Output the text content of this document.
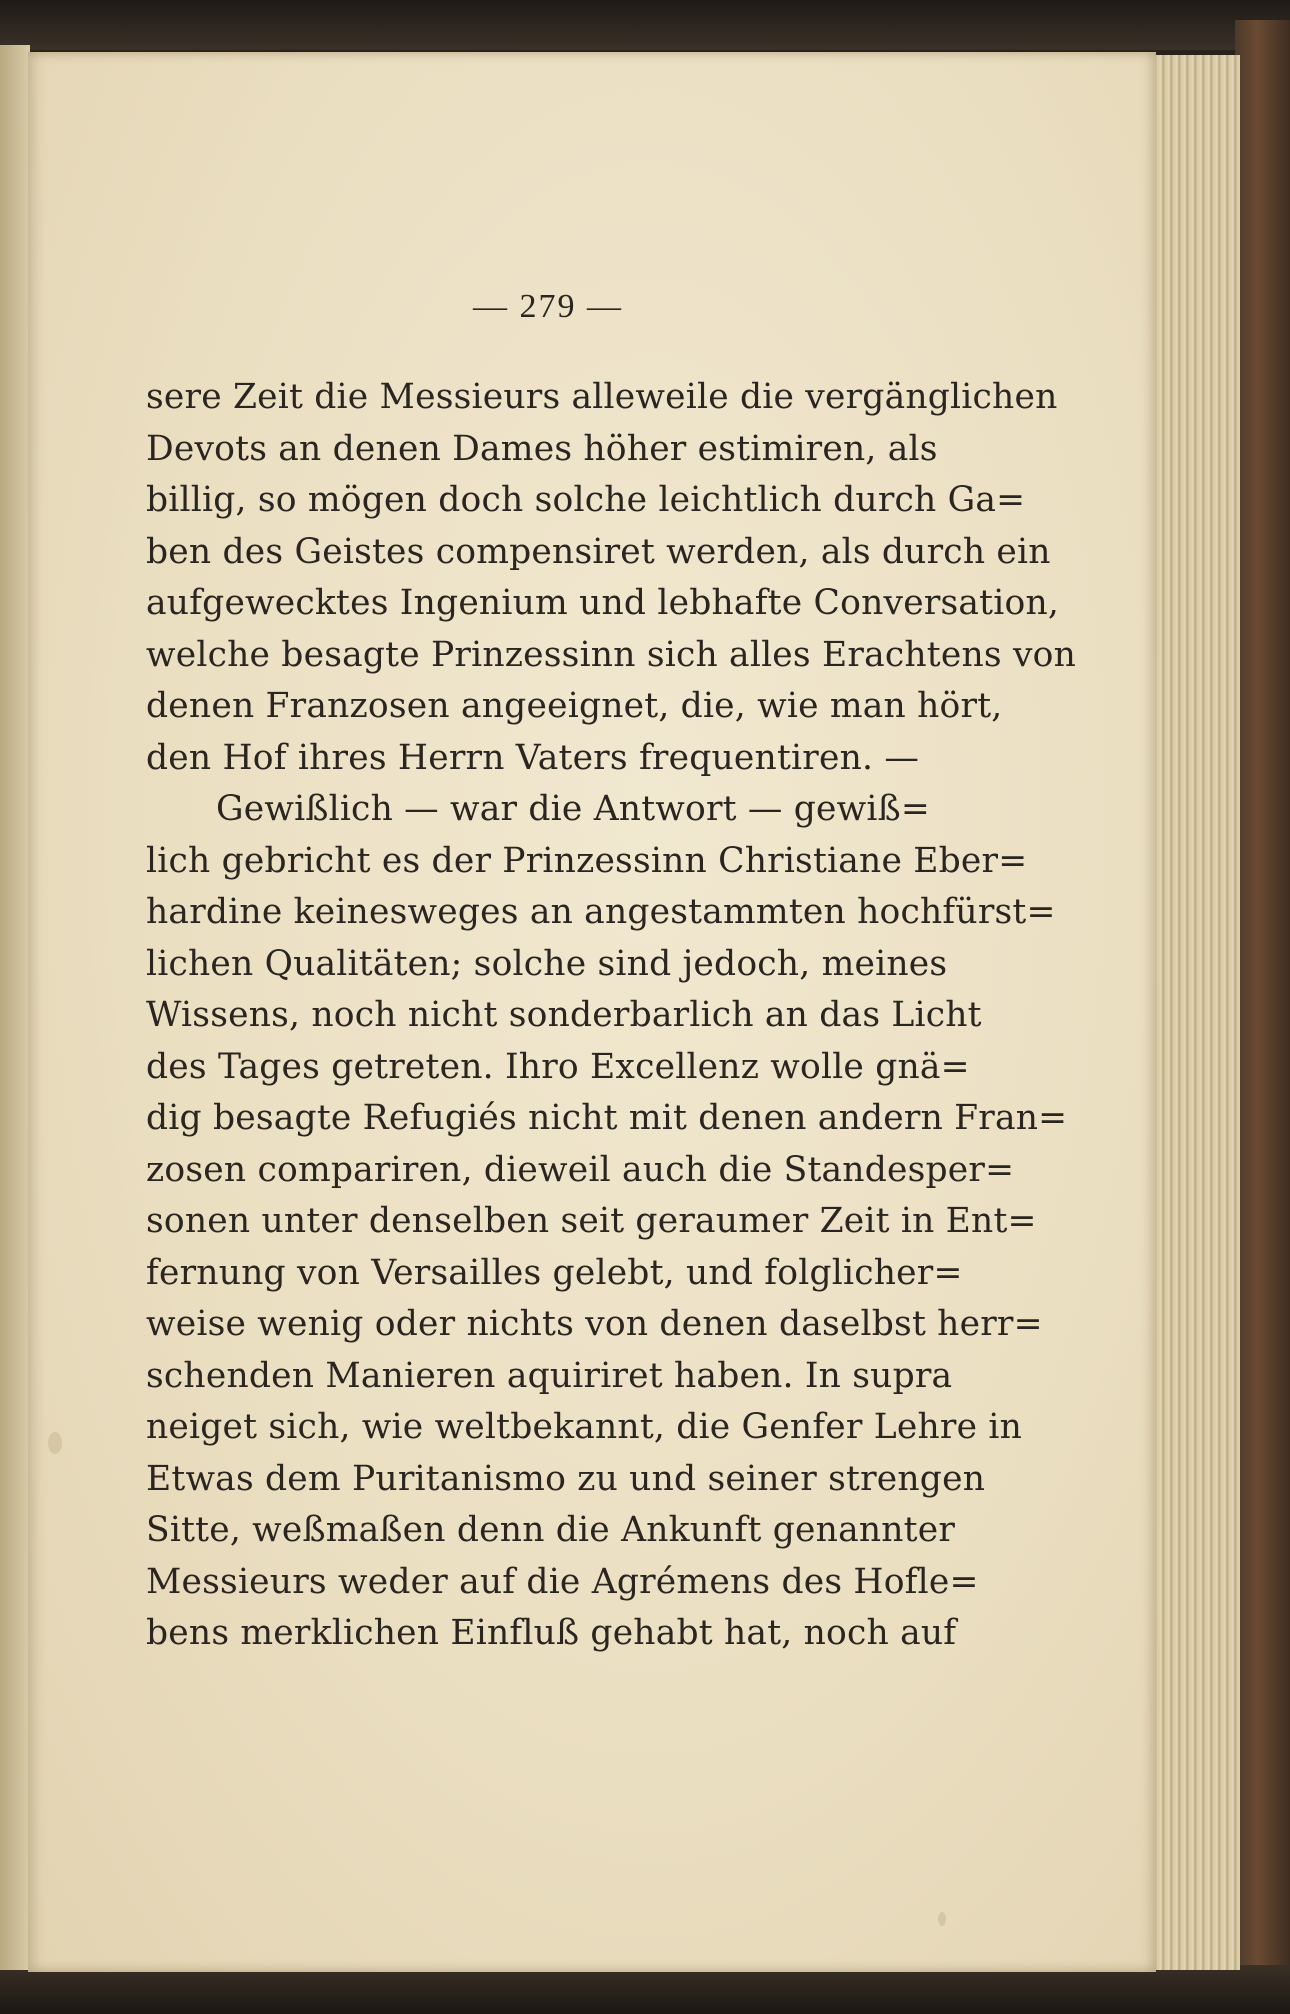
— 279 —
sere Zeit die Messieurs alleweile die vergänglichen
Devots an denen Dames höher estimiren, als
billig, so mögen doch solche leichtlich durch Ga=
ben des Geistes compensiret werden, als durch ein
aufgewecktes Ingenium und lebhafte Conversation,
welche besagte Prinzessinn sich alles Erachtens von
denen Franzosen angeeignet, die, wie man hört,
den Hof ihres Herrn Vaters frequentiren. —
Gewißlich — war die Antwort — gewiß=
lich gebricht es der Prinzessinn Christiane Eber=
hardine keinesweges an angestammten hochfürst=
lichen Qualitäten; solche sind jedoch, meines
Wissens, noch nicht sonderbarlich an das Licht
des Tages getreten. Ihro Excellenz wolle gnä=
dig besagte Refugiés nicht mit denen andern Fran=
zosen compariren, dieweil auch die Standesper=
sonen unter denselben seit geraumer Zeit in Ent=
fernung von Versailles gelebt, und folglicher=
weise wenig oder nichts von denen daselbst herr=
schenden Manieren aquiriret haben. In supra
neiget sich, wie weltbekannt, die Genfer Lehre in
Etwas dem Puritanismo zu und seiner strengen
Sitte, weßmaßen denn die Ankunft genannter
Messieurs weder auf die Agrémens des Hofle=
bens merklichen Einfluß gehabt hat, noch auf
